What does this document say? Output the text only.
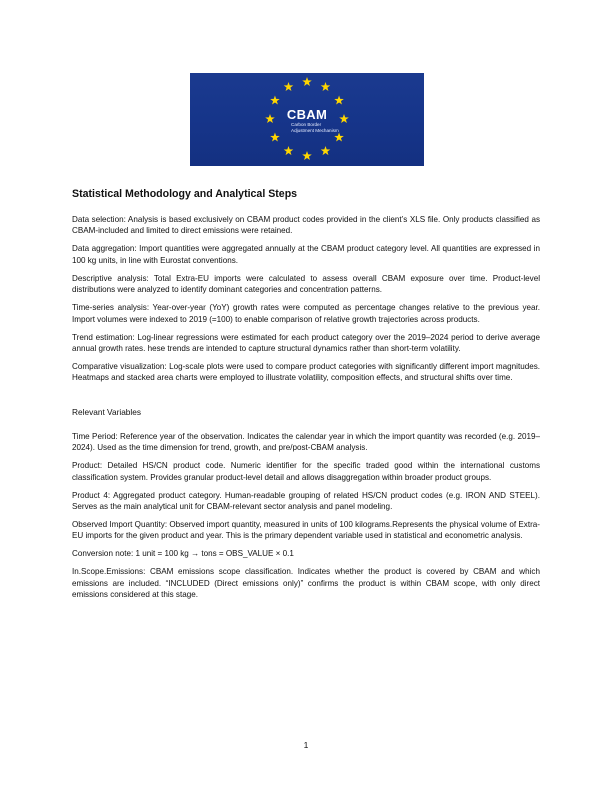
CBAM
Carbon Border
Adjustment Mechanism
Statistical Methodology and Analytical Steps

Data selection: Analysis is based exclusively on CBAM product codes provided in the client’s XLS file. Only products classified as CBAM-included and limited to direct emissions were retained.

Data aggregation: Import quantities were aggregated annually at the CBAM product category level. All quantities are expressed in 100 kg units, in line with Eurostat conventions.

Descriptive analysis: Total Extra-EU imports were calculated to assess overall CBAM exposure over time. Product-level distributions were analyzed to identify dominant categories and concentration patterns.

Time-series analysis: Year-over-year (YoY) growth rates were computed as percentage changes relative to the previous year. Import volumes were indexed to 2019 (=100) to enable comparison of relative growth trajectories across products.

Trend estimation: Log-linear regressions were estimated for each product category over the 2019–2024 period to derive average annual growth rates. hese trends are intended to capture structural dynamics rather than short-term volatility.

Comparative visualization: Log-scale plots were used to compare product categories with significantly different import magnitudes. Heatmaps and stacked area charts were employed to illustrate volatility, composition effects, and structural shifts over time.

Relevant Variables

Time Period: Reference year of the observation. Indicates the calendar year in which the import quantity was recorded (e.g. 2019–2024). Used as the time dimension for trend, growth, and pre/post-CBAM analysis.

Product: Detailed HS/CN product code. Numeric identifier for the specific traded good within the international customs classification system. Provides granular product-level detail and allows disaggregation within broader product groups.

Product 4: Aggregated product category. Human-readable grouping of related HS/CN product codes (e.g. IRON AND STEEL). Serves as the main analytical unit for CBAM-relevant sector analysis and panel modeling.

Observed Import Quantity: Observed import quantity, measured in units of 100 kilograms.Represents the physical volume of Extra-EU imports for the given product and year. This is the primary dependent variable used in statistical and econometric analysis.

Conversion note: 1 unit = 100 kg → tons = OBS_VALUE × 0.1

In.Scope.Emissions: CBAM emissions scope classification. Indicates whether the product is covered by CBAM and which emissions are included. “INCLUDED (Direct emissions only)” confirms the product is within CBAM scope, with only direct emissions considered at this stage.

1
